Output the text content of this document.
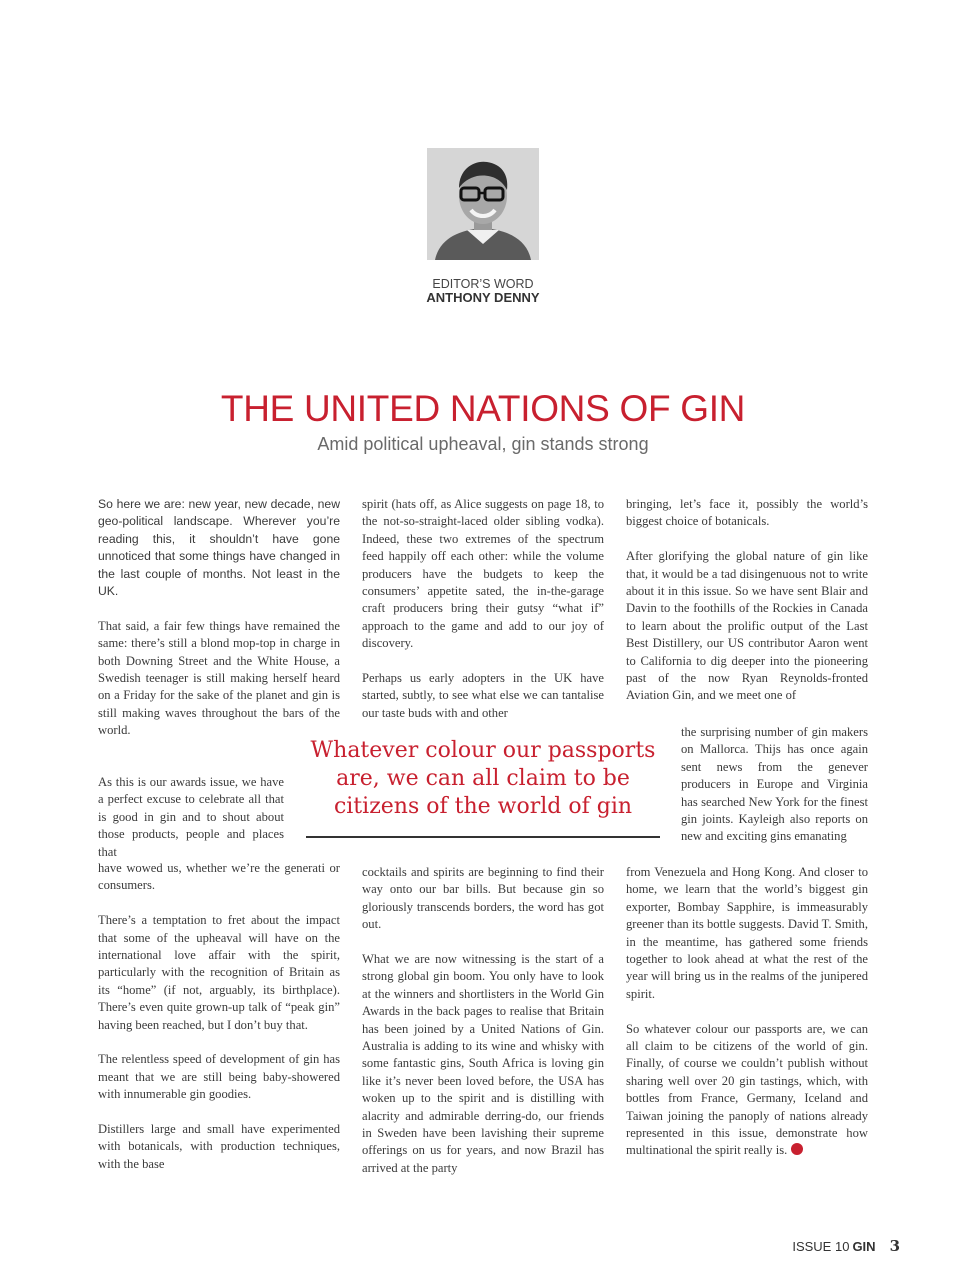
EDITOR’S WORD
ANTHONY DENNY
THE UNITED NATIONS OF GIN
Amid political upheaval, gin stands strong

So here we are: new year, new decade, new geo-political landscape. Wherever you’re reading this, it shouldn’t have gone unnoticed that some things have changed in the last couple of months. Not least in the UK.

That said, a fair few things have remained the same: there’s still a blond mop-top in charge in both Downing Street and the White House, a Swedish teenager is still making herself heard on a Friday for the sake of the planet and gin is still making waves throughout the bars of the world.

As this is our awards issue, we have a perfect excuse to celebrate all that is good in gin and to shout about those products, people and places that

have wowed us, whether we’re the generati or consumers.

There’s a temptation to fret about the impact that some of the upheaval will have on the international love affair with the spirit, particularly with the recognition of Britain as its “home” (if not, arguably, its birthplace). There’s even quite grown-up talk of “peak gin” having been reached, but I don’t buy that.

The relentless speed of development of gin has meant that we are still being baby-showered with innumerable gin goodies.

Distillers large and small have experimented with botanicals, with production techniques, with the base

spirit (hats off, as Alice suggests on page 18, to the not-so-straight-laced older sibling vodka). Indeed, these two extremes of the spectrum feed happily off each other: while the volume producers have the budgets to keep the consumers’ appetite sated, the in-the-garage craft producers bring their gutsy “what if” approach to the game and add to our joy of discovery.

Perhaps us early adopters in the UK have started, subtly, to see what else we can tantalise our taste buds with and other

cocktails and spirits are beginning to find their way onto our bar bills. But because gin so gloriously transcends borders, the word has got out.

What we are now witnessing is the start of a strong global gin boom. You only have to look at the winners and shortlisters in the World Gin Awards in the back pages to realise that Britain has been joined by a United Nations of Gin. Australia is adding to its wine and whisky with some fantastic gins, South Africa is loving gin like it’s never been loved before, the USA has woken up to the spirit and is distilling with alacrity and admirable derring-do, our friends in Sweden have been lavishing their supreme offerings on us for years, and now Brazil has arrived at the party

bringing, let’s face it, possibly the world’s biggest choice of botanicals.

After glorifying the global nature of gin like that, it would be a tad disingenuous not to write about it in this issue. So we have sent Blair and Davin to the foothills of the Rockies in Canada to learn about the prolific output of the Last Best Distillery, our US contributor Aaron went to California to dig deeper into the pioneering past of the now Ryan Reynolds-fronted Aviation Gin, and we meet one of

the surprising number of gin makers on Mallorca. Thijs has once again sent news from the genever producers in Europe and Virginia has searched New York for the finest gin joints. Kayleigh also reports on new and exciting gins emanating

from Venezuela and Hong Kong. And closer to home, we learn that the world’s biggest gin exporter, Bombay Sapphire, is immeasurably greener than its bottle suggests. David T. Smith, in the meantime, has gathered some friends together to look ahead at what the rest of the year will bring us in the realms of the junipered spirit.

So whatever colour our passports are, we can all claim to be citizens of the world of gin. Finally, of course we couldn’t publish without sharing well over 20 gin tastings, which, with bottles from France, Germany, Iceland and Taiwan joining the panoply of nations already represented in this issue, demonstrate how multinational the spirit really is.

Whatever colour our passports are, we can all claim to be citizens of the world of gin
ISSUE 10 GIN 3
